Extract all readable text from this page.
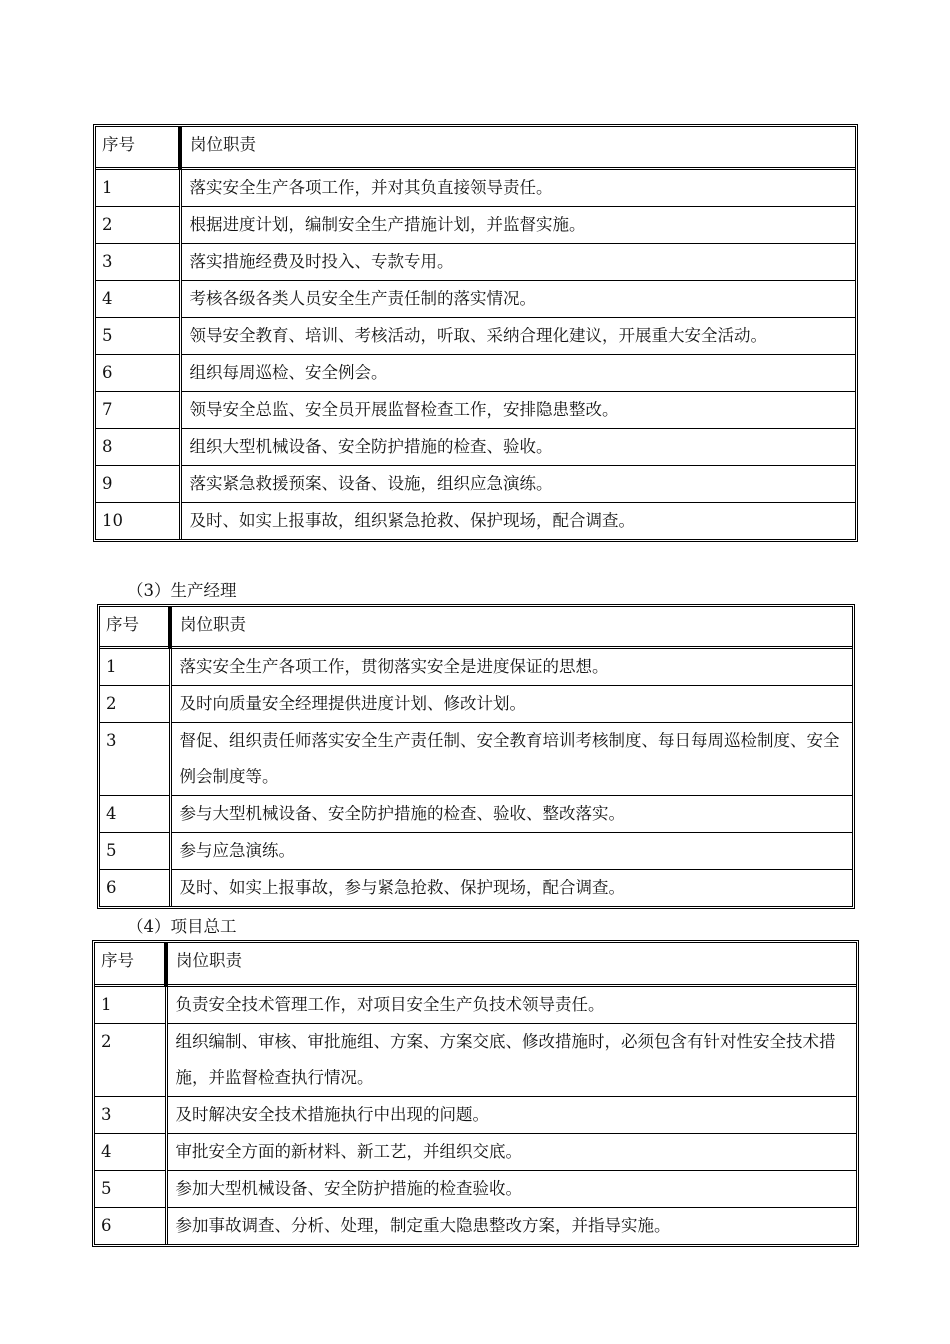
序号	岗位职责
1	落实安全生产各项工作，并对其负直接领导责任。
2	根据进度计划，编制安全生产措施计划，并监督实施。
3	落实措施经费及时投入、专款专用。
4	考核各级各类人员安全生产责任制的落实情况。
5	领导安全教育、培训、考核活动，听取、采纳合理化建议，开展重大安全活动。
6	组织每周巡检、安全例会。
7	领导安全总监、安全员开展监督检查工作，安排隐患整改。
8	组织大型机械设备、安全防护措施的检查、验收。
9	落实紧急救援预案、设备、设施，组织应急演练。
10	及时、如实上报事故，组织紧急抢救、保护现场，配合调查。
（3）生产经理
序号	岗位职责
1	落实安全生产各项工作，贯彻落实安全是进度保证的思想。
2	及时向质量安全经理提供进度计划、修改计划。
3	督促、组织责任师落实安全生产责任制、安全教育培训考核制度、每日每周巡检制度、安全例会制度等。
4	参与大型机械设备、安全防护措施的检查、验收、整改落实。
5	参与应急演练。
6	及时、如实上报事故，参与紧急抢救、保护现场，配合调查。
（4）项目总工
序号	岗位职责
1	负责安全技术管理工作，对项目安全生产负技术领导责任。
2	组织编制、审核、审批施组、方案、方案交底、修改措施时，必须包含有针对性安全技术措施，并监督检查执行情况。
3	及时解决安全技术措施执行中出现的问题。
4	审批安全方面的新材料、新工艺，并组织交底。
5	参加大型机械设备、安全防护措施的检查验收。
6	参加事故调查、分析、处理，制定重大隐患整改方案，并指导实施。
